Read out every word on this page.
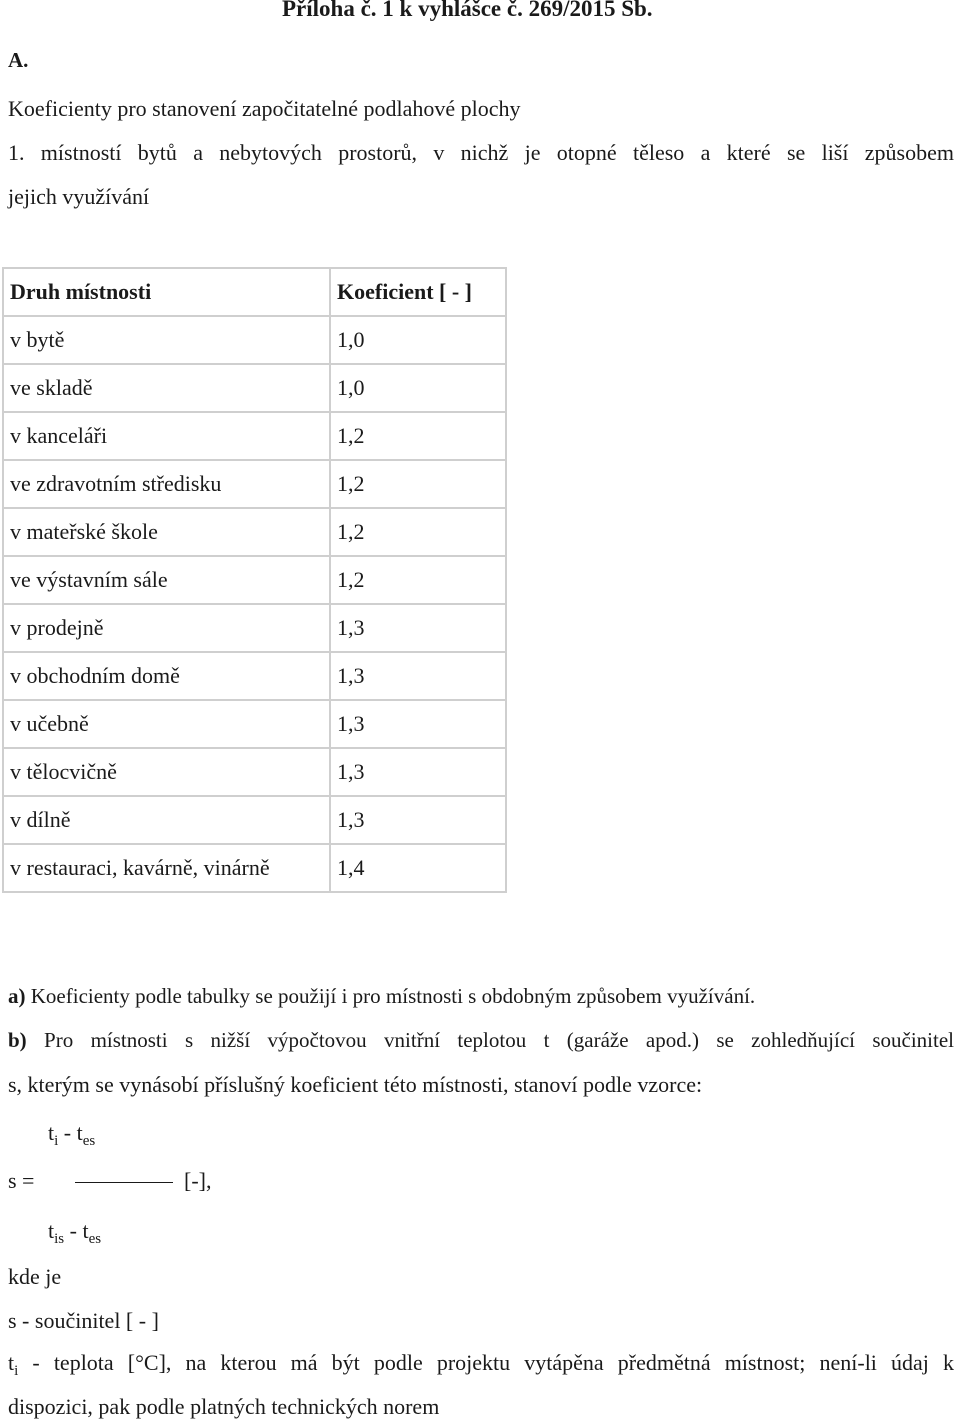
Příloha č. 1 k vyhlášce č. 269/2015 Sb.
A.
Koeficienty pro stanovení započitatelné podlahové plochy
1. místností bytů a nebytových prostorů, v nichž je otopné těleso a které se liší způsobem
jejich využívání
Druh místnosti	Koeficient [ - ]
v bytě	1,0
ve skladě	1,0
v kanceláři	1,2
ve zdravotním středisku	1,2
v mateřské škole	1,2
ve výstavním sále	1,2
v prodejně	1,3
v obchodním domě	1,3
v učebně	1,3
v tělocvičně	1,3
v dílně	1,3
v restauraci, kavárně, vinárně	1,4
a) Koeficienty podle tabulky se použijí i pro místnosti s obdobným způsobem využívání.
b) Pro místnosti s nižší výpočtovou vnitřní teplotou t (garáže apod.) se zohledňující součinitel
s, kterým se vynásobí příslušný koeficient této místnosti, stanoví podle vzorce:
$t_i - t_{es}$
s =	[-],
$t_{is} - t_{es}$
kde je
s - součinitel [ - ]
$t_i$ - teplota [°C], na kterou má být podle projektu vytápěna předmětná místnost; není-li údaj k
dispozici, pak podle platných technických norem
